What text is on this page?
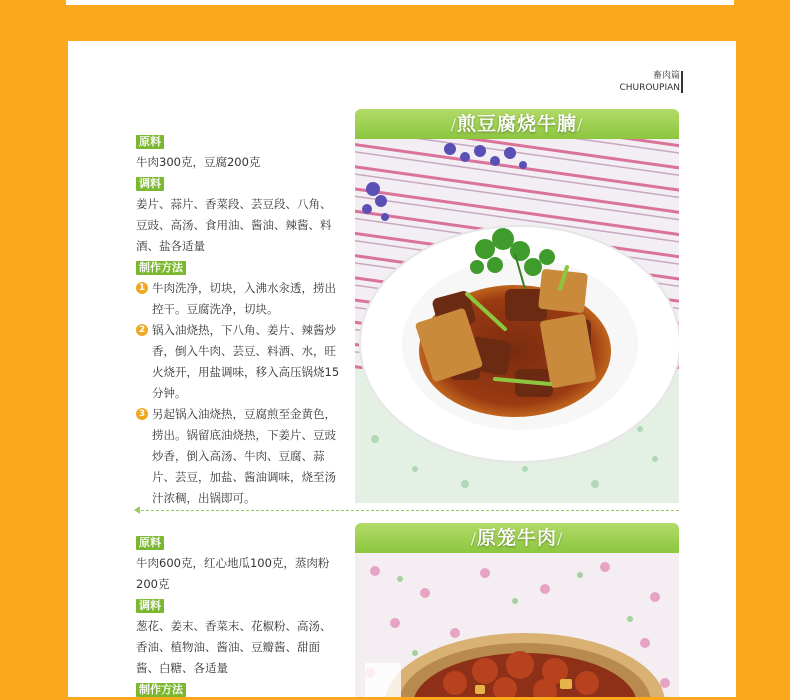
畜肉篇
CHUROUPIAN
原料

牛肉300克，豆腐200克

调料

姜片、蒜片、香菜段、芸豆段、八角、豆豉、高汤、食用油、酱油、辣酱、料酒、盐各适量

制作方法

1 牛肉洗净，切块，入沸水汆透，捞出控干。豆腐洗净，切块。

2 锅入油烧热，下八角、姜片、辣酱炒香，倒入牛肉、芸豆、料酒、水，旺火烧开，用盐调味，移入高压锅烧15分钟。

3 另起锅入油烧热，豆腐煎至金黄色，捞出。锅留底油烧热，下姜片、豆豉炒香，倒入高汤、牛肉、豆腐、蒜片、芸豆，加盐、酱油调味，烧至汤汁浓稠，出锅即可。

/煎豆腐烧牛腩/
原料

牛肉600克，红心地瓜100克，蒸肉粉200克

调料

葱花、姜末、香菜末、花椒粉、高汤、香油、植物油、酱油、豆瓣酱、甜面酱、白糖、各适量

制作方法
/原笼牛肉/
